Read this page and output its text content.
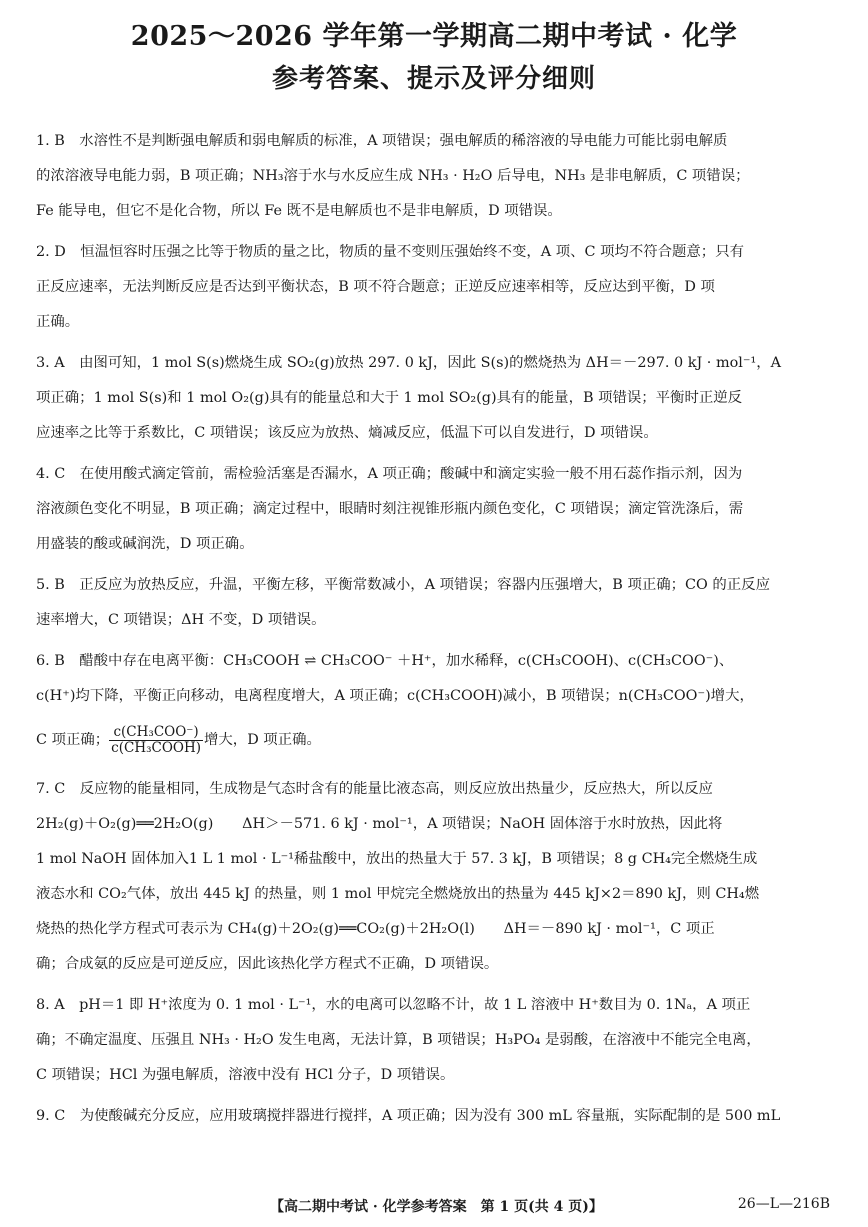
2025～2026 学年第一学期高二期中考试 · 化学
参考答案、提示及评分细则
1. B　水溶性不是判断强电解质和弱电解质的标准，A 项错误；强电解质的稀溶液的导电能力可能比弱电解质
的浓溶液导电能力弱，B 项正确；NH₃溶于水与水反应生成 NH₃ · H₂O 后导电，NH₃ 是非电解质，C 项错误；
Fe 能导电，但它不是化合物，所以 Fe 既不是电解质也不是非电解质，D 项错误。
2. D　恒温恒容时压强之比等于物质的量之比，物质的量不变则压强始终不变，A 项、C 项均不符合题意；只有
正反应速率，无法判断反应是否达到平衡状态，B 项不符合题意；正逆反应速率相等，反应达到平衡，D 项
正确。
3. A　由图可知，1 mol S(s)燃烧生成 SO₂(g)放热 297. 0 kJ，因此 S(s)的燃烧热为 ΔH＝－297. 0 kJ · mol⁻¹，A
项正确；1 mol S(s)和 1 mol O₂(g)具有的能量总和大于 1 mol SO₂(g)具有的能量，B 项错误；平衡时正逆反
应速率之比等于系数比，C 项错误；该反应为放热、熵减反应，低温下可以自发进行，D 项错误。
4. C　在使用酸式滴定管前，需检验活塞是否漏水，A 项正确；酸碱中和滴定实验一般不用石蕊作指示剂，因为
溶液颜色变化不明显，B 项正确；滴定过程中，眼睛时刻注视锥形瓶内颜色变化，C 项错误；滴定管洗涤后，需
用盛装的酸或碱润洗，D 项正确。
5. B　正反应为放热反应，升温，平衡左移，平衡常数减小，A 项错误；容器内压强增大，B 项正确；CO 的正反应
速率增大，C 项错误；ΔH 不变，D 项错误。
6. B　醋酸中存在电离平衡：CH₃COOH ⇌ CH₃COO⁻ ＋H⁺，加水稀释，c(CH₃COOH)、c(CH₃COO⁻)、
c(H⁺)均下降，平衡正向移动，电离程度增大，A 项正确；c(CH₃COOH)减小，B 项错误；n(CH₃COO⁻)增大，
C 项正确； $\frac{\text{c(CH₃COO⁻)}}{\text{c(CH₃COOH)}}$ 增大，D 项正确。
7. C　反应物的能量相同，生成物是气态时含有的能量比液态高，则反应放出热量少，反应热大，所以反应
2H₂(g)＋O₂(g)══2H₂O(g)　　ΔH＞－571. 6 kJ · mol⁻¹，A 项错误；NaOH 固体溶于水时放热，因此将
1 mol NaOH 固体加入1 L 1 mol · L⁻¹稀盐酸中，放出的热量大于 57. 3 kJ，B 项错误；8 g CH₄完全燃烧生成
液态水和 CO₂气体，放出 445 kJ 的热量，则 1 mol 甲烷完全燃烧放出的热量为 445 kJ×2＝890 kJ，则 CH₄燃
烧热的热化学方程式可表示为 CH₄(g)＋2O₂(g)══CO₂(g)＋2H₂O(l)　　ΔH＝－890 kJ · mol⁻¹，C 项正
确；合成氨的反应是可逆反应，因此该热化学方程式不正确，D 项错误。
8. A　pH＝1 即 H⁺浓度为 0. 1 mol · L⁻¹，水的电离可以忽略不计，故 1 L 溶液中 H⁺数目为 0. 1Nₐ，A 项正
确；不确定温度、压强且 NH₃ · H₂O 发生电离，无法计算，B 项错误；H₃PO₄ 是弱酸，在溶液中不能完全电离，
C 项错误；HCl 为强电解质，溶液中没有 HCl 分子，D 项错误。
9. C　为使酸碱充分反应，应用玻璃搅拌器进行搅拌，A 项正确；因为没有 300 mL 容量瓶，实际配制的是 500 mL
【高二期中考试 · 化学参考答案　第 1 页(共 4 页)】	26—L—216B
